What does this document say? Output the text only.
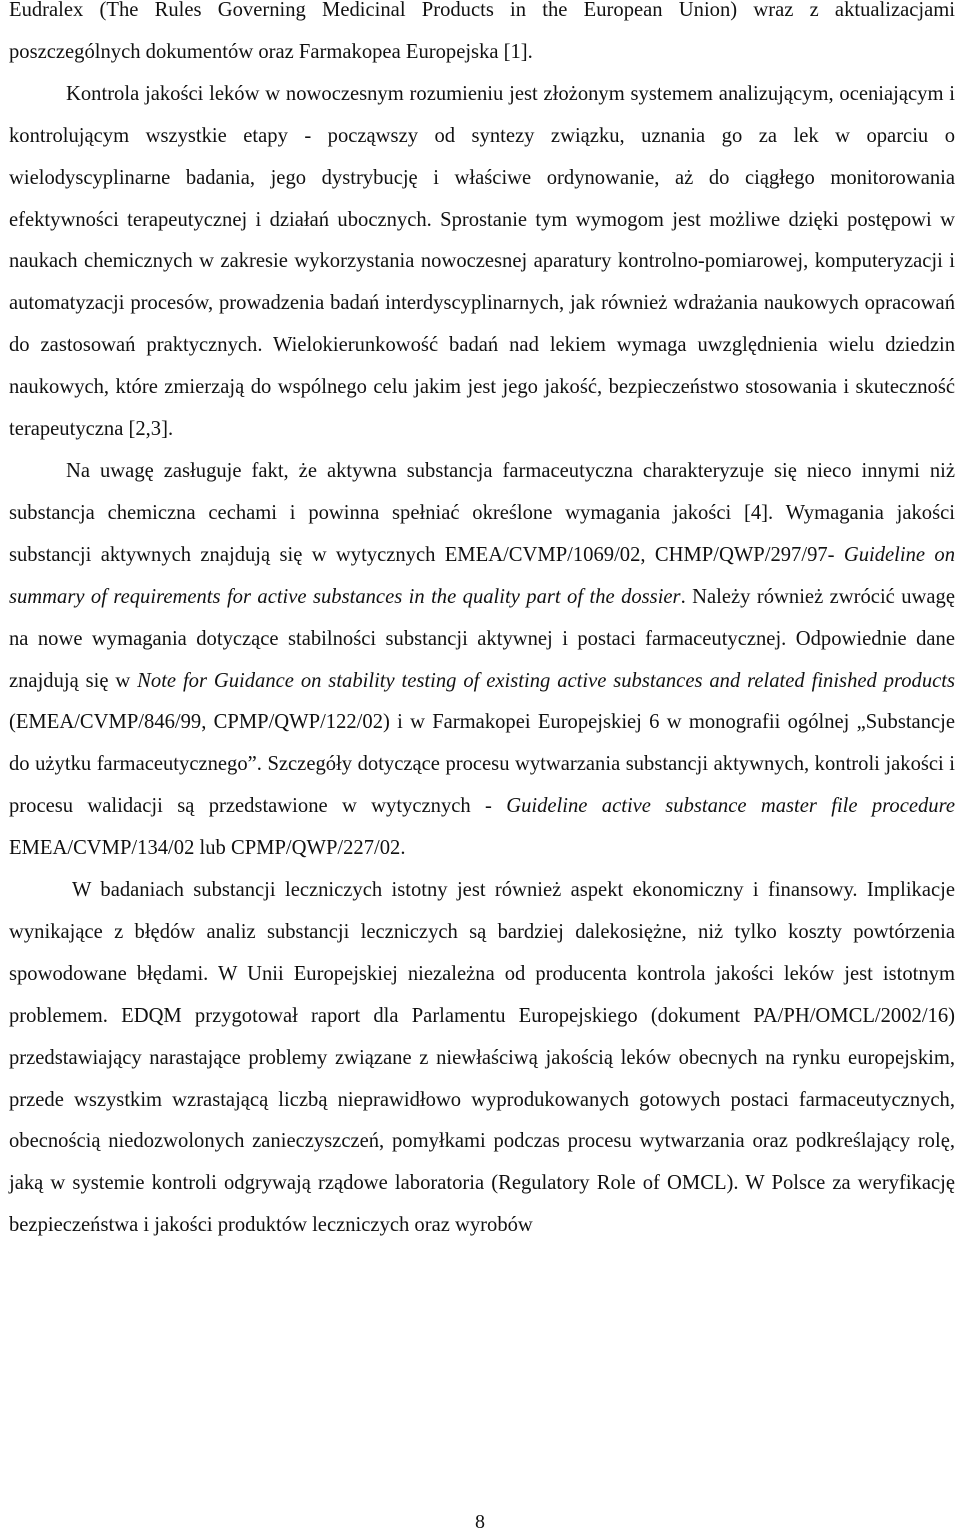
Eudralex (The Rules Governing Medicinal Products in the European Union) wraz z aktualizacjami poszczególnych dokumentów oraz Farmakopea Europejska [1].

Kontrola jakości leków w nowoczesnym rozumieniu jest złożonym systemem analizującym, oceniającym i kontrolującym wszystkie etapy - począwszy od syntezy związku, uznania go za lek w oparciu o wielodyscyplinarne badania, jego dystrybucję i właściwe ordynowanie, aż do ciągłego monitorowania efektywności terapeutycznej i działań ubocznych. Sprostanie tym wymogom jest możliwe dzięki postępowi w naukach chemicznych w zakresie wykorzystania nowoczesnej aparatury kontrolno-pomiarowej, komputeryzacji i automatyzacji procesów, prowadzenia badań interdyscyplinarnych, jak również wdrażania naukowych opracowań do zastosowań praktycznych. Wielokierunkowość badań nad lekiem wymaga uwzględnienia wielu dziedzin naukowych, które zmierzają do wspólnego celu jakim jest jego jakość, bezpieczeństwo stosowania i skuteczność terapeutyczna [2,3].

Na uwagę zasługuje fakt, że aktywna substancja farmaceutyczna charakteryzuje się nieco innymi niż substancja chemiczna cechami i powinna spełniać określone wymagania jakości [4]. Wymagania jakości substancji aktywnych znajdują się w wytycznych EMEA/CVMP/1069/02, CHMP/QWP/297/97- Guideline on summary of requirements for active substances in the quality part of the dossier. Należy również zwrócić uwagę na nowe wymagania dotyczące stabilności substancji aktywnej i postaci farmaceutycznej. Odpowiednie dane znajdują się w Note for Guidance on stability testing of existing active substances and related finished products (EMEA/CVMP/846/99, CPMP/QWP/122/02) i w Farmakopei Europejskiej 6 w monografii ogólnej „Substancje do użytku farmaceutycznego”. Szczegóły dotyczące procesu wytwarzania substancji aktywnych, kontroli jakości i procesu walidacji są przedstawione w wytycznych - Guideline active substance master file procedure EMEA/CVMP/134/02 lub CPMP/QWP/227/02.

W badaniach substancji leczniczych istotny jest również aspekt ekonomiczny i finansowy. Implikacje wynikające z błędów analiz substancji leczniczych są bardziej dalekosiężne, niż tylko koszty powtórzenia spowodowane błędami. W Unii Europejskiej niezależna od producenta kontrola jakości leków jest istotnym problemem. EDQM przygotował raport dla Parlamentu Europejskiego (dokument PA/PH/OMCL/2002/16) przedstawiający narastające problemy związane z niewłaściwą jakością leków obecnych na rynku europejskim, przede wszystkim wzrastającą liczbą nieprawidłowo wyprodukowanych gotowych postaci farmaceutycznych, obecnością niedozwolonych zanieczyszczeń, pomyłkami podczas procesu wytwarzania oraz podkreślający rolę, jaką w systemie kontroli odgrywają rządowe laboratoria (Regulatory Role of OMCL). W Polsce za weryfikację bezpieczeństwa i jakości produktów leczniczych oraz wyrobów

8
